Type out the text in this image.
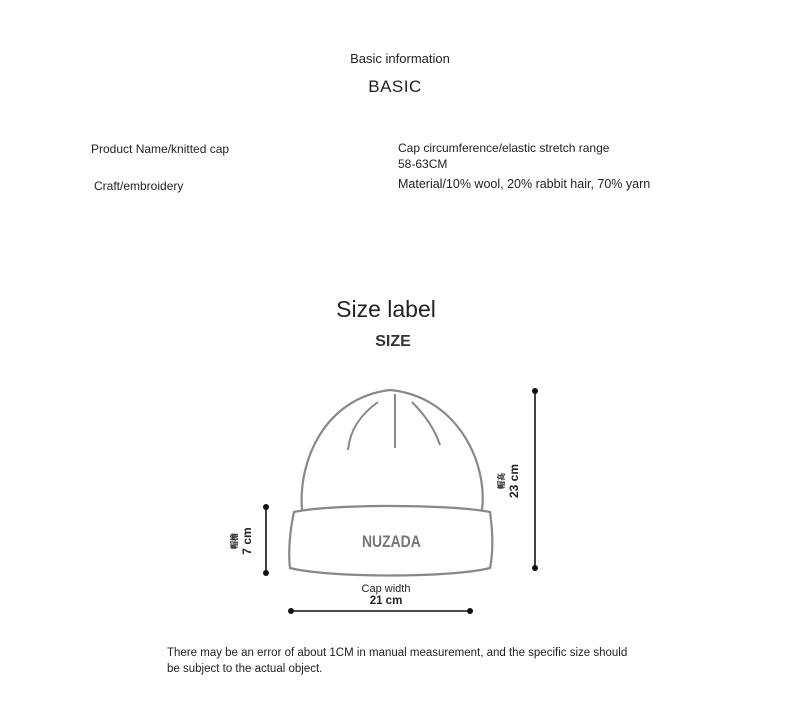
Basic information
BASIC
Product Name/knitted cap
Craft/embroidery
Cap circumference/elastic stretch range
58-63CM
Material/10% wool, 20% rabbit hair, 70% yarn
Size label
SIZE
NUZADA
Cap width
21 cm
帽高 23 cm
帽檐 7 cm
There may be an error of about 1CM in manual measurement, and the specific size should be subject to the actual object.
